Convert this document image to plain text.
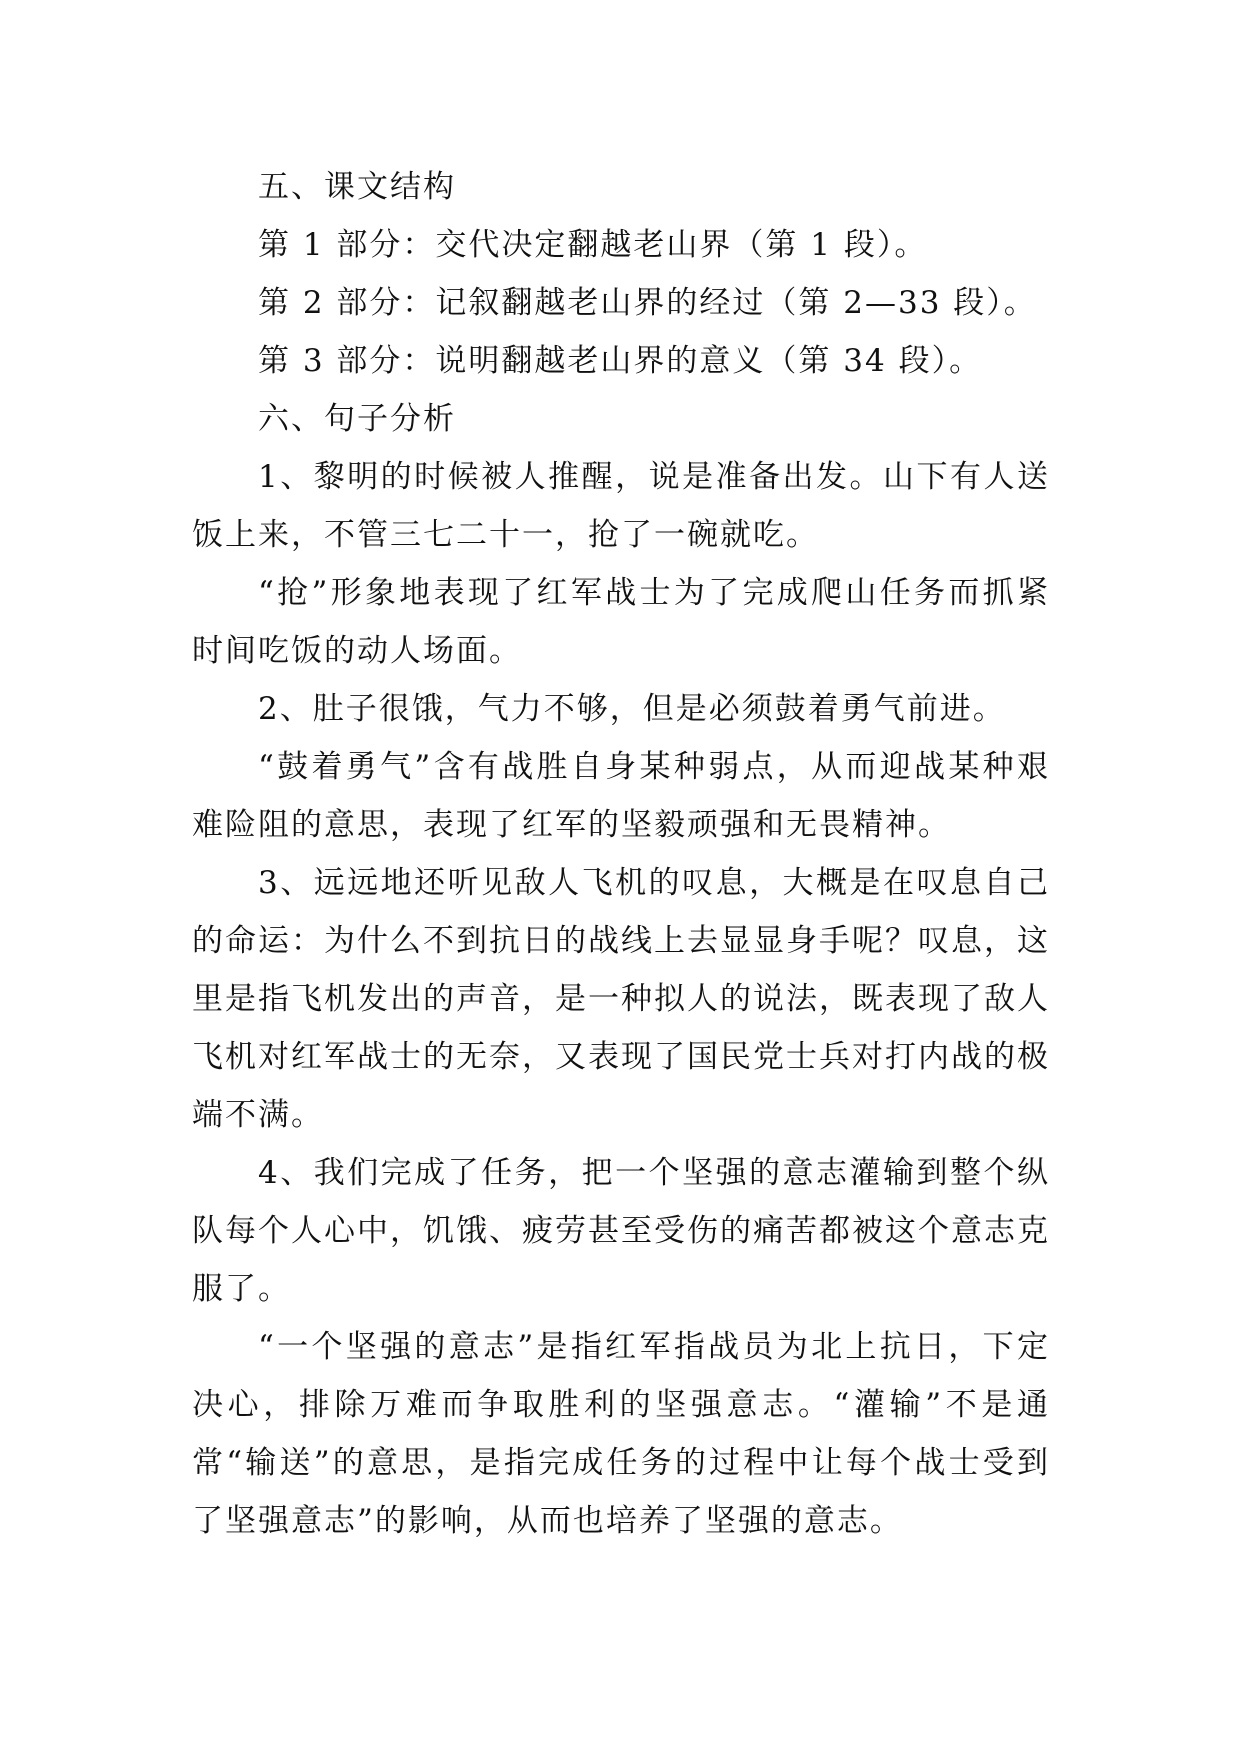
五、课文结构

第 1 部分：交代决定翻越老山界（第 1 段）。

第 2 部分：记叙翻越老山界的经过（第 2—33 段）。

第 3 部分：说明翻越老山界的意义（第 34 段）。

六、句子分析

1、黎明的时候被人推醒，说是准备出发。山下有人送饭上来，不管三七二十一，抢了一碗就吃。

“抢”形象地表现了红军战士为了完成爬山任务而抓紧时间吃饭的动人场面。

2、肚子很饿，气力不够，但是必须鼓着勇气前进。

“鼓着勇气”含有战胜自身某种弱点，从而迎战某种艰难险阻的意思，表现了红军的坚毅顽强和无畏精神。

3、远远地还听见敌人飞机的叹息，大概是在叹息自己的命运：为什么不到抗日的战线上去显显身手呢？叹息，这里是指飞机发出的声音，是一种拟人的说法，既表现了敌人飞机对红军战士的无奈，又表现了国民党士兵对打内战的极端不满。

4、我们完成了任务，把一个坚强的意志灌输到整个纵队每个人心中，饥饿、疲劳甚至受伤的痛苦都被这个意志克服了。

“一个坚强的意志”是指红军指战员为北上抗日，下定决心，排除万难而争取胜利的坚强意志。“灌输”不是通常“输送”的意思，是指完成任务的过程中让每个战士受到了坚强意志”的影响，从而也培养了坚强的意志。
